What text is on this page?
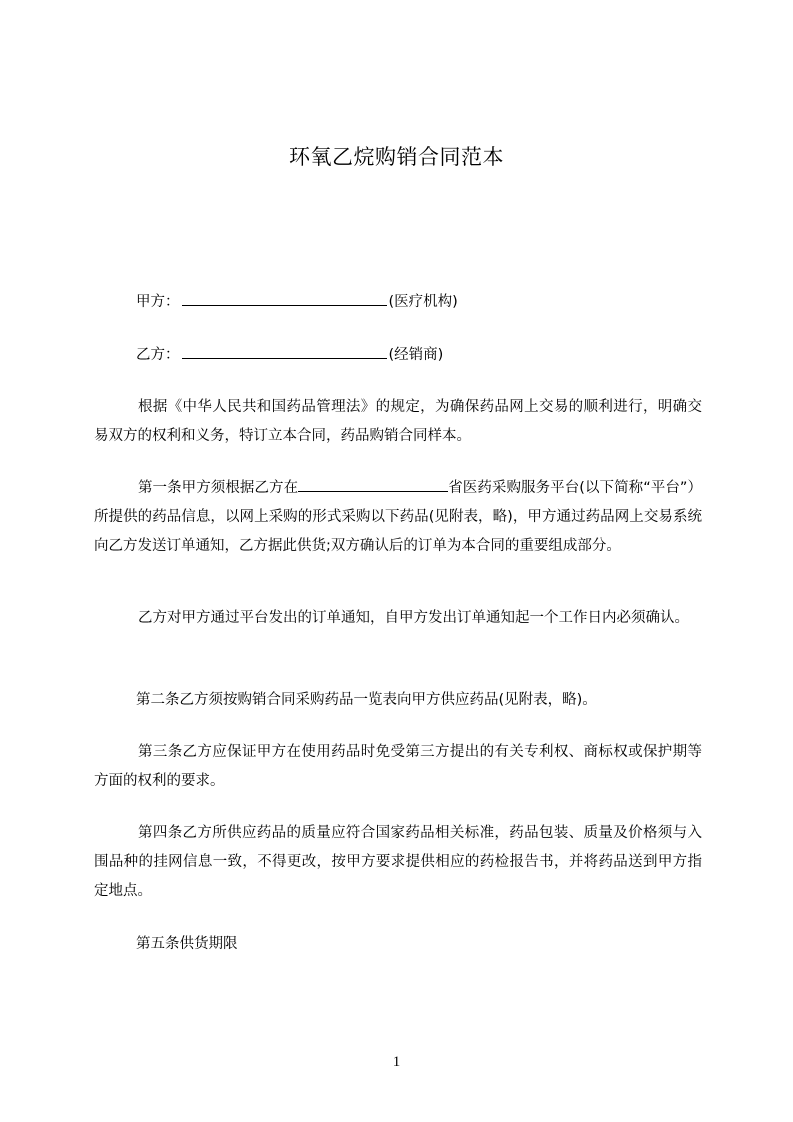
环氧乙烷购销合同范本
甲方：	(医疗机构)
乙方：	(经销商)

根据《中华人民共和国药品管理法》的规定，为确保药品网上交易的顺利进行，明确交易双方的权利和义务，特订立本合同，药品购销合同样本。

第一条甲方须根据乙方在	省医药采购服务平台(以下简称“平台”）所提供的药品信息，以网上采购的形式采购以下药品(见附表，略)，甲方通过药品网上交易系统向乙方发送订单通知，乙方据此供货;双方确认后的订单为本合同的重要组成部分。

乙方对甲方通过平台发出的订单通知，自甲方发出订单通知起一个工作日内必须确认。

第二条乙方须按购销合同采购药品一览表向甲方供应药品(见附表，略)。

第三条乙方应保证甲方在使用药品时免受第三方提出的有关专利权、商标权或保护期等方面的权利的要求。

第四条乙方所供应药品的质量应符合国家药品相关标准，药品包装、质量及价格须与入围品种的挂网信息一致，不得更改，按甲方要求提供相应的药检报告书，并将药品送到甲方指定地点。

第五条供货期限

1
